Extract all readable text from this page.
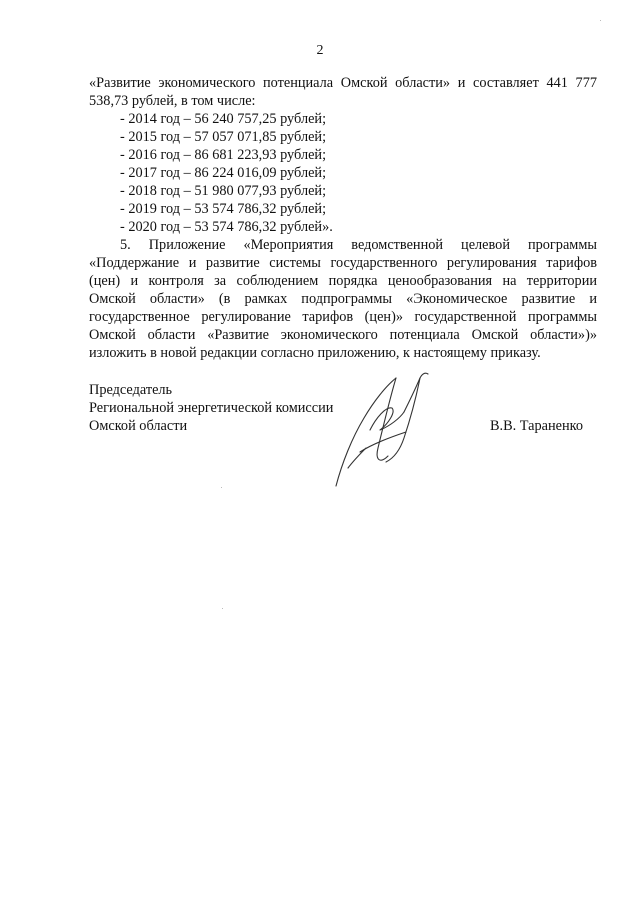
2
«Развитие экономического потенциала Омской области» и составляет 441 777
538,73 рублей, в том числе:
- 2014 год – 56 240 757,25 рублей;
- 2015 год – 57 057 071,85 рублей;
- 2016 год – 86 681 223,93 рублей;
- 2017 год – 86 224 016,09 рублей;
- 2018 год – 51 980 077,93 рублей;
- 2019 год – 53 574 786,32 рублей;
- 2020 год – 53 574 786,32 рублей».
5. Приложение «Мероприятия ведомственной целевой программы
«Поддержание и развитие системы государственного регулирования тарифов
(цен) и контроля за соблюдением порядка ценообразования на территории
Омской области» (в рамках подпрограммы «Экономическое развитие и
государственное регулирование тарифов (цен)» государственной программы
Омской области «Развитие экономического потенциала Омской области»)»
изложить в новой редакции согласно приложению, к настоящему приказу.
Председатель
Региональной энергетической комиссии
Омской области	В.В. Тараненко
